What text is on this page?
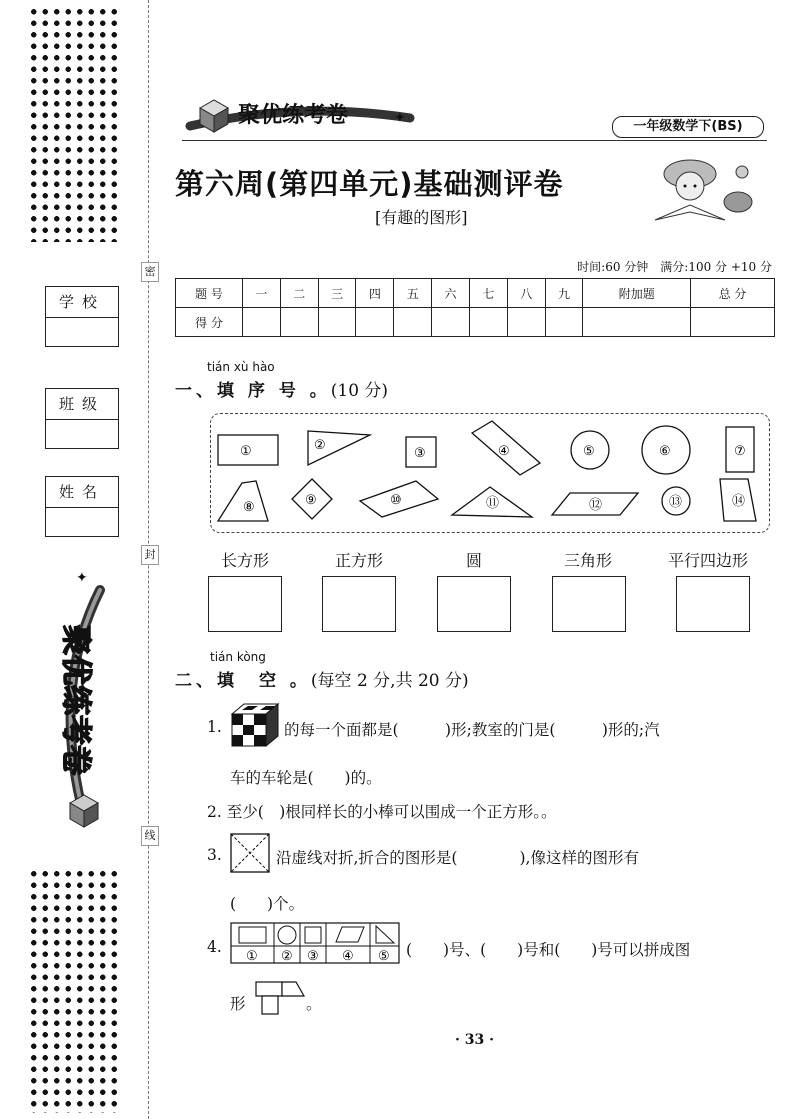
密
封
线
学校
班级
姓名
✦
聚优练考卷
聚优练考卷	✦
一年级数学下(BS)
第六周(第四单元)基础测评卷
[有趣的图形]
时间:60 分钟　满分:100 分 +10 分
题 号	一	二	三	四	五	六	七	八	九	附加题	总 分
得 分											
tián xù hào
一、填 序 号 。(10 分)
①	②
③	④	⑤	⑥	⑦
⑧	⑨	⑩	⑪	⑫	⑬	⑭
长方形	正方形	圆	三角形	平行四边形
tián kòng
二、填　空 。(每空 2 分,共 20 分)
1.	的每一个面都是(　　　)形;教室的门是(　　　)形的;汽
车的车轮是(　　)的。
2. 至少(　)根同样长的小棒可以围成一个正方形。。
3.	沿虚线对折,折合的图形是(　　　　),像这样的图形有
(　　)个。
4.
① ② ③ ④ ⑤ (　　)号、(　　)号和(　　)号可以拼成图
形	。
· 33 ·
